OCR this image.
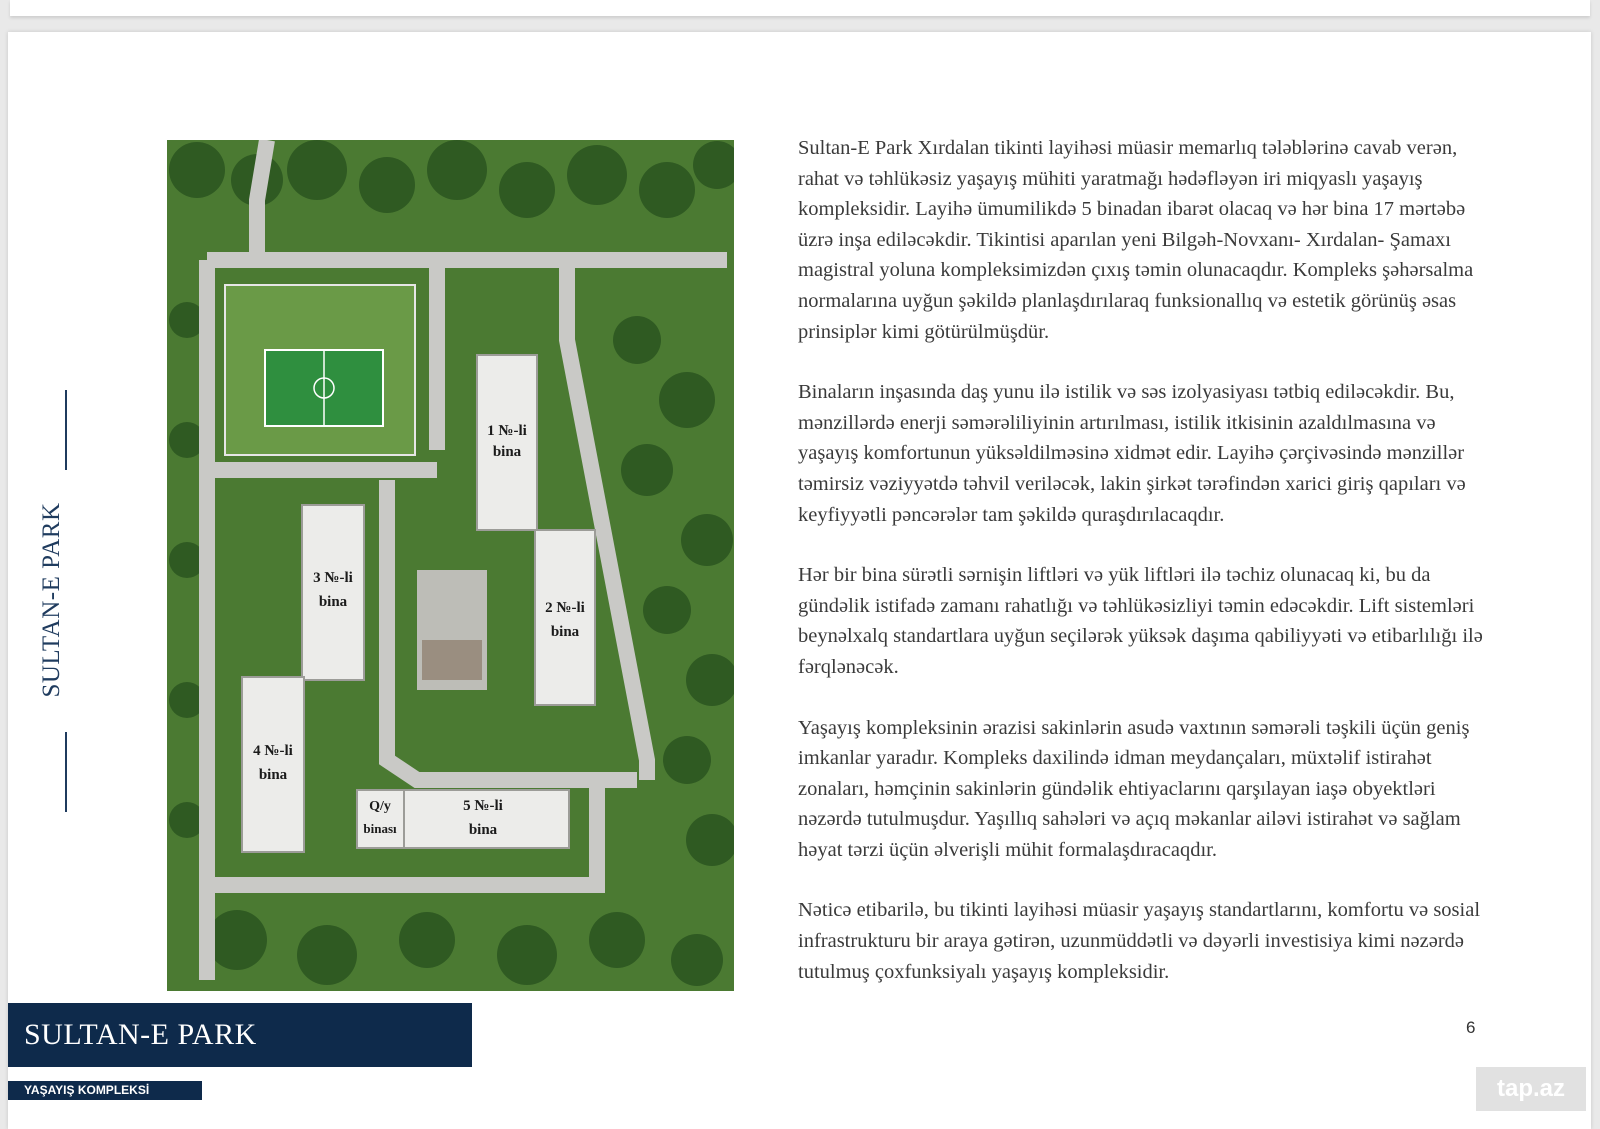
SULTAN-E PARK
1 №-li
bina
2 №-li
bina
3 №-li
bina
4 №-li
bina
5 №-li
bina
Q/y
binası
SULTAN-E PARK
YAŞAYIŞ KOMPLEKSİ

Sultan-E Park Xırdalan tikinti layihəsi müasir memarlıq tələblərinə cavab verən, rahat və təhlükəsiz yaşayış mühiti yaratmağı hədəfləyən iri miqyaslı yaşayış kompleksidir. Layihə ümumilikdə 5 binadan ibarət olacaq və hər bina 17 mərtəbə üzrə inşa ediləcəkdir. Tikintisi aparılan yeni Bilgəh-Novxanı- Xırdalan- Şamaxı magistral yoluna kompleksimizdən çıxış təmin olunacaqdır. Kompleks şəhərsalma normalarına uyğun şəkildə planlaşdırılaraq funksionallıq və estetik görünüş əsas prinsiplər kimi götürülmüşdür.

Binaların inşasında daş yunu ilə istilik və səs izolyasiyası tətbiq ediləcəkdir. Bu, mənzillərdə enerji səmərəliliyinin artırılması, istilik itkisinin azaldılmasına və yaşayış komfortunun yüksəldilməsinə xidmət edir. Layihə çərçivəsində mənzillər təmirsiz vəziyyətdə təhvil veriləcək, lakin şirkət tərəfindən xarici giriş qapıları və keyfiyyətli pəncərələr tam şəkildə quraşdırılacaqdır.

Hər bir bina sürətli sərnişin liftləri və yük liftləri ilə təchiz olunacaq ki, bu da gündəlik istifadə zamanı rahatlığı və təhlükəsizliyi təmin edəcəkdir. Lift sistemləri beynəlxalq standartlara uyğun seçilərək yüksək daşıma qabiliyyəti və etibarlılığı ilə fərqlənəcək.

Yaşayış kompleksinin ərazisi sakinlərin asudə vaxtının səmərəli təşkili üçün geniş imkanlar yaradır. Kompleks daxilində idman meydançaları, müxtəlif istirahət zonaları, həmçinin sakinlərin gündəlik ehtiyaclarını qarşılayan iaşə obyektləri nəzərdə tutulmuşdur. Yaşıllıq sahələri və açıq məkanlar ailəvi istirahət və sağlam həyat tərzi üçün əlverişli mühit formalaşdıracaqdır.

Nəticə etibarilə, bu tikinti layihəsi müasir yaşayış standartlarını, komfortu və sosial infrastrukturu bir araya gətirən, uzunmüddətli və dəyərli investisiya kimi nəzərdə tutulmuş çoxfunksiyalı yaşayış kompleksidir.

6
tap.az
